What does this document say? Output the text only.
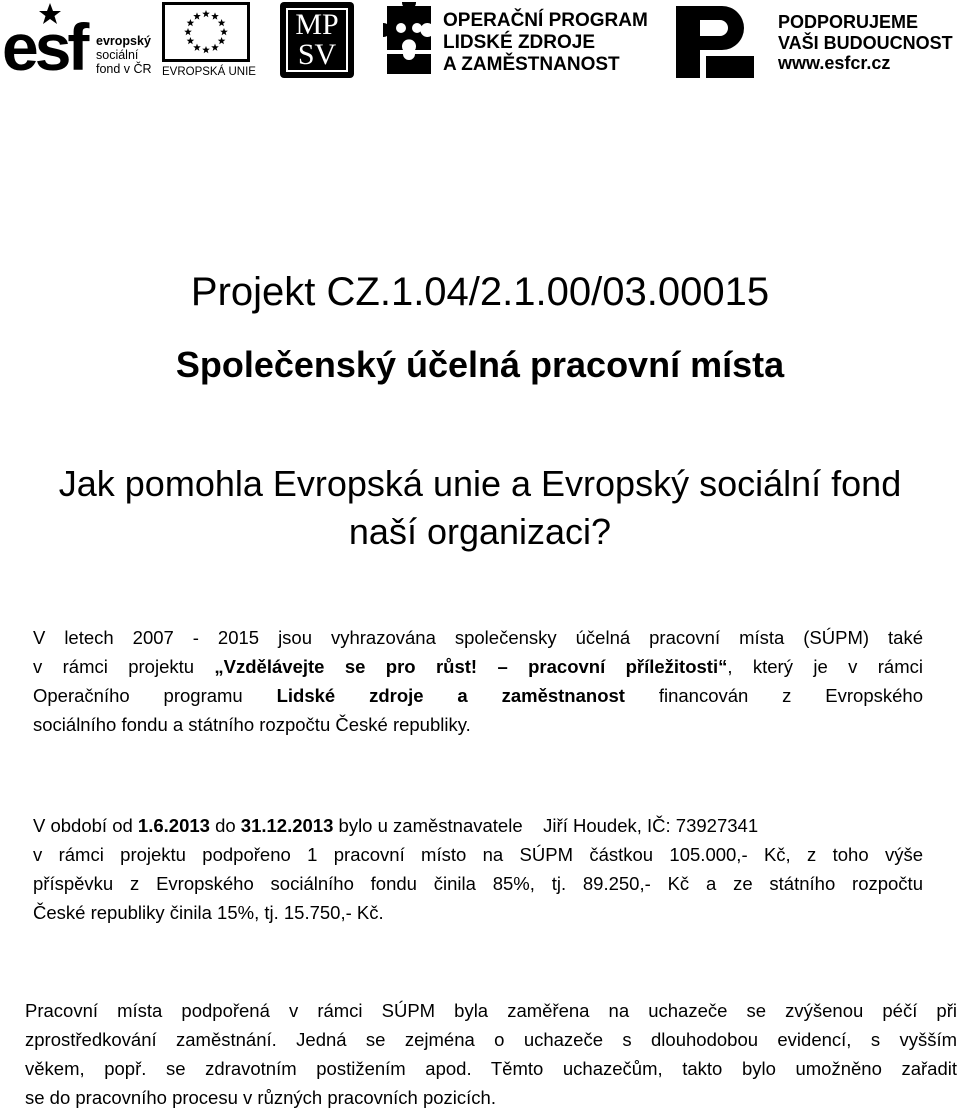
esf evropský
sociální
fond v ČR EVROPSKÁ UNIE
MP
SV
OPERAČNÍ PROGRAM
LIDSKÉ ZDROJE
A ZAMĚSTNANOST
PODPORUJEME
VAŠI BUDOUCNOST
www.esfcr.cz
Projekt CZ.1.04/2.1.00/03.00015
Společenský účelná pracovní místa
Jak pomohla Evropská unie a Evropský sociální fond
naší organizaci?
V letech 2007 - 2015 jsou vyhrazována společensky účelná pracovní místa (SÚPM) také
v rámci projektu „Vzdělávejte se pro růst! – pracovní příležitosti“, který je v rámci
Operačního programu Lidské zdroje a zaměstnanost financován z Evropského
sociálního fondu a státního rozpočtu České republiky.
V období od 1.6.2013 do 31.12.2013 bylo u zaměstnavatele    Jiří Houdek, IČ: 73927341
v rámci projektu podpořeno 1 pracovní místo na SÚPM částkou 105.000,- Kč, z toho výše
příspěvku z Evropského sociálního fondu činila 85%, tj. 89.250,- Kč a ze státního rozpočtu
České republiky činila 15%, tj. 15.750,- Kč.
Pracovní místa podpořená v rámci SÚPM byla zaměřena na uchazeče se zvýšenou péčí při
zprostředkování zaměstnání. Jedná se zejména o uchazeče s dlouhodobou evidencí, s vyšším
věkem, popř. se zdravotním postižením apod. Těmto uchazečům, takto bylo umožněno zařadit
se do pracovního procesu v různých pracovních pozicích.
